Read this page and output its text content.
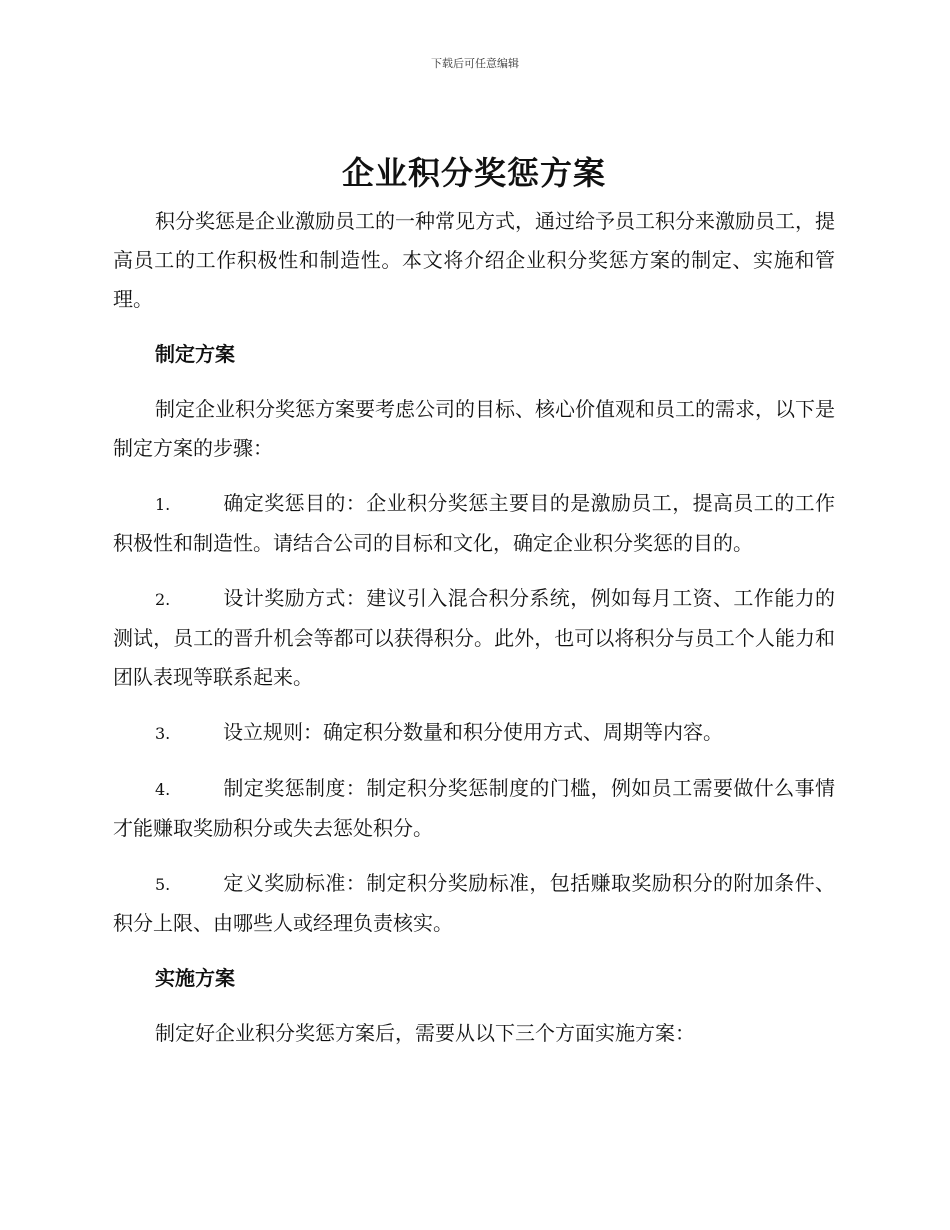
下载后可任意编辑
企业积分奖惩方案

积分奖惩是企业激励员工的一种常见方式，通过给予员工积分来激励员工，提高员工的工作积极性和制造性。本文将介绍企业积分奖惩方案的制定、实施和管理。

制定方案

制定企业积分奖惩方案要考虑公司的目标、核心价值观和员工的需求，以下是制定方案的步骤：

1.	确定奖惩目的：企业积分奖惩主要目的是激励员工，提高员工的工作积极性和制造性。请结合公司的目标和文化，确定企业积分奖惩的目的。

2.	设计奖励方式：建议引入混合积分系统，例如每月工资、工作能力的测试，员工的晋升机会等都可以获得积分。此外，也可以将积分与员工个人能力和团队表现等联系起来。

3.	设立规则：确定积分数量和积分使用方式、周期等内容。

4.	制定奖惩制度：制定积分奖惩制度的门槛，例如员工需要做什么事情才能赚取奖励积分或失去惩处积分。

5.	定义奖励标准：制定积分奖励标准，包括赚取奖励积分的附加条件、积分上限、由哪些人或经理负责核实。

实施方案

制定好企业积分奖惩方案后，需要从以下三个方面实施方案：
